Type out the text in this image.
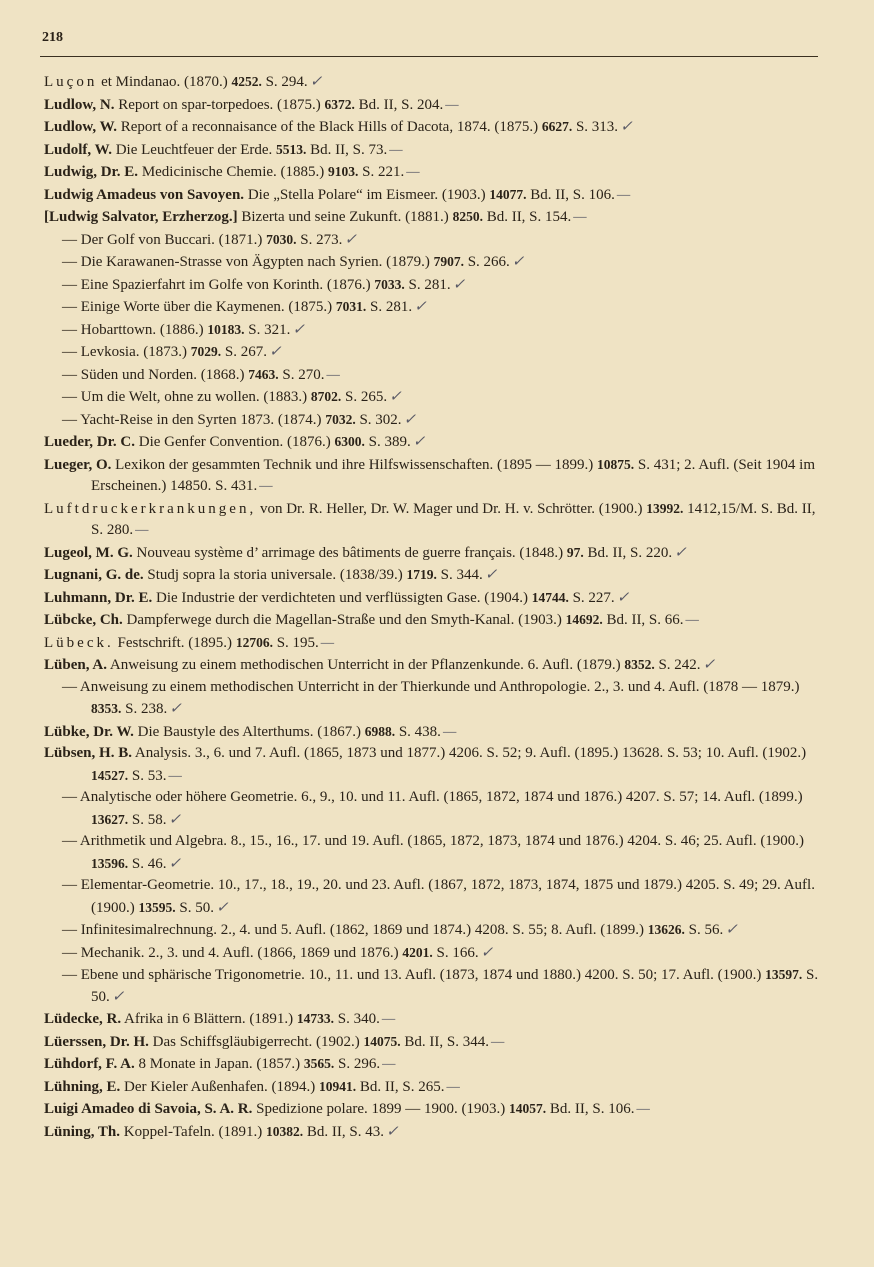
218
Luçon et Mindanao. (1870.) 4252. S. 294. ✓
Ludlow, N. Report on spar-torpedoes. (1875.) 6372. Bd. II, S. 204. —
Ludlow, W. Report of a reconnaisance of the Black Hills of Dacota, 1874. (1875.) 6627. S. 313. ✓
Ludolf, W. Die Leuchtfeuer der Erde. 5513. Bd. II, S. 73. —
Ludwig, Dr. E. Medicinische Chemie. (1885.) 9103. S. 221. —
Ludwig Amadeus von Savoyen. Die „Stella Polare“ im Eismeer. (1903.) 14077. Bd. II, S. 106. —
[Ludwig Salvator, Erzherzog.] Bizerta und seine Zukunft. (1881.) 8250. Bd. II, S. 154. —
— Der Golf von Buccari. (1871.) 7030. S. 273. ✓
— Die Karawanen-Strasse von Ägypten nach Syrien. (1879.) 7907. S. 266. ✓
— Eine Spazierfahrt im Golfe von Korinth. (1876.) 7033. S. 281. ✓
— Einige Worte über die Kaymenen. (1875.) 7031. S. 281. ✓
— Hobarttown. (1886.) 10183. S. 321. ✓
— Levkosia. (1873.) 7029. S. 267. ✓
— Süden und Norden. (1868.) 7463. S. 270. —
— Um die Welt, ohne zu wollen. (1883.) 8702. S. 265. ✓
— Yacht-Reise in den Syrten 1873. (1874.) 7032. S. 302. ✓
Lueder, Dr. C. Die Genfer Convention. (1876.) 6300. S. 389. ✓
Lueger, O. Lexikon der gesammten Technik und ihre Hilfswissenschaften. (1895 — 1899.) 10875. S. 431; 2. Aufl. (Seit 1904 im Erscheinen.) 14850. S. 431. —
Luftdruckerkrankungen, von Dr. R. Heller, Dr. W. Mager und Dr. H. v. Schrötter. (1900.) 13992. 1412,15/M. S. Bd. II, S. 280. —
Lugeol, M. G. Nouveau système d’ arrimage des bâtiments de guerre français. (1848.) 97. Bd. II, S. 220. ✓
Lugnani, G. de. Studj sopra la storia universale. (1838/39.) 1719. S. 344. ✓
Luhmann, Dr. E. Die Industrie der verdichteten und verflüssigten Gase. (1904.) 14744. S. 227. ✓
Lübcke, Ch. Dampferwege durch die Magellan-Straße und den Smyth-Kanal. (1903.) 14692. Bd. II, S. 66. —
Lübeck. Festschrift. (1895.) 12706. S. 195. —
Lüben, A. Anweisung zu einem methodischen Unterricht in der Pflanzenkunde. 6. Aufl. (1879.) 8352. S. 242. ✓
— Anweisung zu einem methodischen Unterricht in der Thierkunde und Anthropologie. 2., 3. und 4. Aufl. (1878 — 1879.) 8353. S. 238. ✓
Lübke, Dr. W. Die Baustyle des Alterthums. (1867.) 6988. S. 438. —
Lübsen, H. B. Analysis. 3., 6. und 7. Aufl. (1865, 1873 und 1877.) 4206. S. 52; 9. Aufl. (1895.) 13628. S. 53; 10. Aufl. (1902.) 14527. S. 53. —
— Analytische oder höhere Geometrie. 6., 9., 10. und 11. Aufl. (1865, 1872, 1874 und 1876.) 4207. S. 57; 14. Aufl. (1899.) 13627. S. 58. ✓
— Arithmetik und Algebra. 8., 15., 16., 17. und 19. Aufl. (1865, 1872, 1873, 1874 und 1876.) 4204. S. 46; 25. Aufl. (1900.) 13596. S. 46. ✓
— Elementar-Geometrie. 10., 17., 18., 19., 20. und 23. Aufl. (1867, 1872, 1873, 1874, 1875 und 1879.) 4205. S. 49; 29. Aufl. (1900.) 13595. S. 50. ✓
— Infinitesimalrechnung. 2., 4. und 5. Aufl. (1862, 1869 und 1874.) 4208. S. 55; 8. Aufl. (1899.) 13626. S. 56. ✓
— Mechanik. 2., 3. und 4. Aufl. (1866, 1869 und 1876.) 4201. S. 166. ✓
— Ebene und sphärische Trigonometrie. 10., 11. und 13. Aufl. (1873, 1874 und 1880.) 4200. S. 50; 17. Aufl. (1900.) 13597. S. 50. ✓
Lüdecke, R. Afrika in 6 Blättern. (1891.) 14733. S. 340. —
Lüerssen, Dr. H. Das Schiffsgläubigerrecht. (1902.) 14075. Bd. II, S. 344. —
Lühdorf, F. A. 8 Monate in Japan. (1857.) 3565. S. 296. —
Lühning, E. Der Kieler Außenhafen. (1894.) 10941. Bd. II, S. 265. —
Luigi Amadeo di Savoia, S. A. R. Spedizione polare. 1899 — 1900. (1903.) 14057. Bd. II, S. 106. —
Lüning, Th. Koppel-Tafeln. (1891.) 10382. Bd. II, S. 43. ✓
